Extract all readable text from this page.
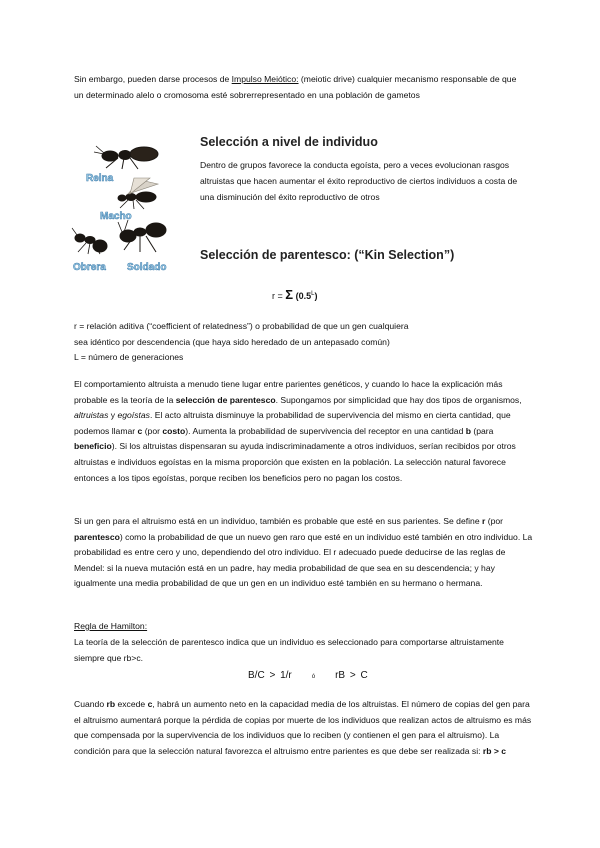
Sin embargo, pueden darse procesos de Impulso Meiótico: (meiotic drive) cualquier mecanismo responsable de que un determinado alelo o cromosoma esté sobrerrepresentado en una población de gametos

Reina
Macho
Obrera Soldado
Selección a nivel de individuo

Dentro de grupos favorece la conducta egoísta, pero a veces evolucionan rasgos altruistas que hacen aumentar el éxito reproductivo de ciertos individuos a costa de una disminución del éxito reproductivo de otros

Selección de parentesco: (“Kin Selection”)
r = Σ $(0.5^L)$
r = relación aditiva (“coefficient of relatedness”) o probabilidad de que un gen cualquiera
sea idéntico por descendencia (que haya sido heredado de un antepasado común)
L = número de generaciones

El comportamiento altruista a menudo tiene lugar entre parientes genéticos, y cuando lo hace la explicación más probable es la teoría de la selección de parentesco. Supongamos por simplicidad que hay dos tipos de organismos, altruistas y egoístas. El acto altruista disminuye la probabilidad de supervivencia del mismo en cierta cantidad, que podemos llamar c (por costo). Aumenta la probabilidad de supervivencia del receptor en una cantidad b (para beneficio). Si los altruistas dispensaran su ayuda indiscriminadamente a otros individuos, serían recibidos por otros altruistas e individuos egoístas en la misma proporción que existen en la población. La selección natural favorece entonces a los tipos egoístas, porque reciben los beneficios pero no pagan los costos.

Si un gen para el altruismo está en un individuo, también es probable que esté en sus parientes. Se define r (por parentesco) como la probabilidad de que un nuevo gen raro que esté en un individuo esté también en otro individuo. La probabilidad es entre cero y uno, dependiendo del otro individuo. El r adecuado puede deducirse de las reglas de Mendel: si la nueva mutación está en un padre, hay media probabilidad de que sea en su descendencia; y hay igualmente una media probabilidad de que un gen en un individuo esté también en su hermano o hermana.

Regla de Hamilton:

La teoría de la selección de parentesco indica que un individuo es seleccionado para comportarse altruistamente siempre que rb>c.

B/C > 1/r	ó rB > C

Cuando rb excede c, habrá un aumento neto en la capacidad media de los altruistas. El número de copias del gen para el altruismo aumentará porque la pérdida de copias por muerte de los individuos que realizan actos de altruismo es más que compensada por la supervivencia de los individuos que lo reciben (y contienen el gen para el altruismo). La condición para que la selección natural favorezca el altruismo entre parientes es que debe ser realizada si: rb > c
